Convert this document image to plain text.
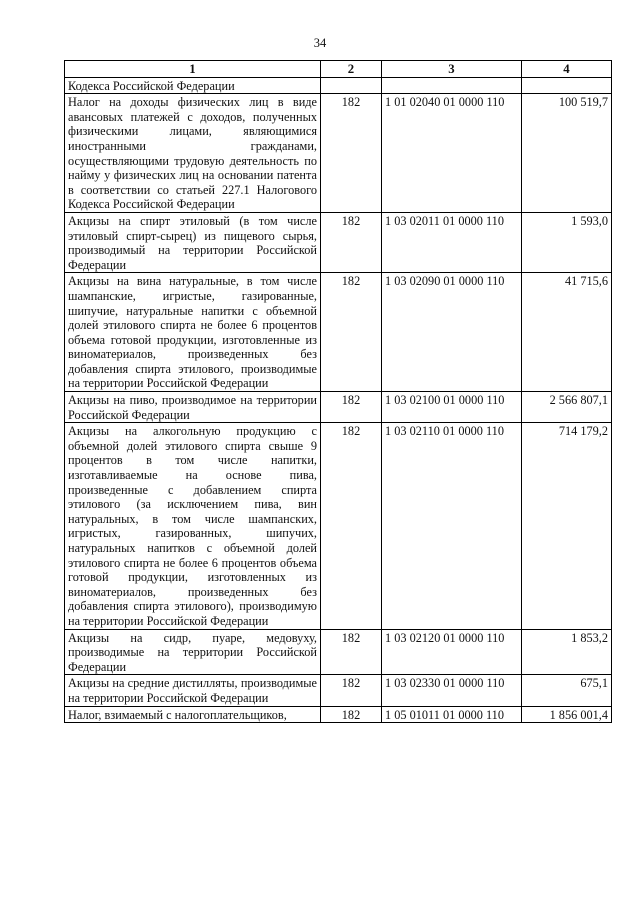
34
1	2	3	4
Кодекса Российской Федерации			
Налог на доходы физических лиц в виде авансовых платежей с доходов, полученных физическими лицами, являющимися иностранными гражданами, осуществляющими трудовую деятельность по найму у физических лиц на основании патента в соответствии со статьей 227.1 Налогового Кодекса Российской Федерации	182	1 01 02040 01 0000 110	100 519,7
Акцизы на спирт этиловый (в том числе этиловый спирт-сырец) из пищевого сырья, производимый на территории Российской Федерации	182	1 03 02011 01 0000 110	1 593,0
Акцизы на вина натуральные, в том числе шампанские, игристые, газированные, шипучие, натуральные напитки с объемной долей этилового спирта не более 6 процентов объема готовой продукции, изготовленные из виноматериалов, произведенных без добавления спирта этилового, производимые на территории Российской Федерации	182	1 03 02090 01 0000 110	41 715,6
Акцизы на пиво, производимое на территории Российской Федерации	182	1 03 02100 01 0000 110	2 566 807,1
Акцизы на алкогольную продукцию с объемной долей этилового спирта свыше 9 процентов в том числе напитки, изготавливаемые на основе пива, произведенные с добавлением спирта этилового (за исключением пива, вин натуральных, в том числе шампанских, игристых, газированных, шипучих, натуральных напитков с объемной долей этилового спирта не более 6 процентов объема готовой продукции, изготовленных из виноматериалов, произведенных без добавления спирта этилового), производимую на территории Российской Федерации	182	1 03 02110 01 0000 110	714 179,2
Акцизы на сидр, пуаре, медовуху, производимые на территории Российской Федерации	182	1 03 02120 01 0000 110	1 853,2
Акцизы на средние дистилляты, производимые на территории Российской Федерации	182	1 03 02330 01 0000 110	675,1
Налог, взимаемый с налогоплательщиков,	182	1 05 01011 01 0000 110	1 856 001,4
